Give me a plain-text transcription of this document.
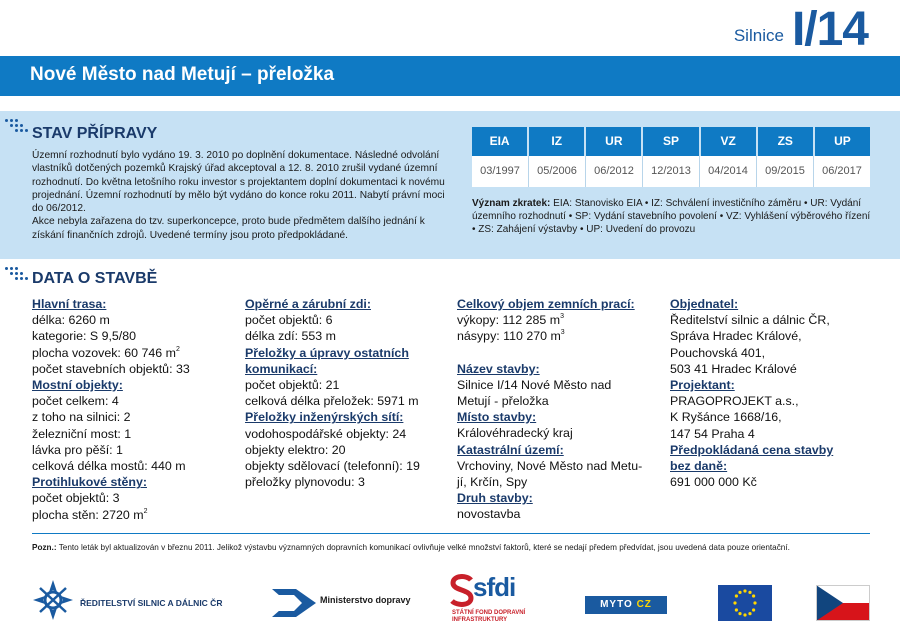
Silnice I/14
Nové Město nad Metují – přeložka
STAV PŘÍPRAVY

Územní rozhodnutí bylo vydáno 19. 3. 2010 po doplnění dokumentace. Následné odvolání vlastníků dotčených pozemků Krajský úřad akceptoval a 12. 8. 2010 zrušil vydané územní rozhodnutí. Do května letošního roku investor s projektantem doplní dokumentaci k novému projednání. Územní rozhodnutí by mělo být vydáno do konce roku 2011. Nabytí právní moci do 06/2012.

Akce nebyla zařazena do tzv. superkoncepce, proto bude předmětem dalšího jednání k získání finančních zdrojů. Uvedené termíny jsou proto předpokládané.

EIA	IZ	UR	SP	VZ	ZS	UP
03/1997	05/2006	06/2012	12/2013	04/2014	09/2015	06/2017
Význam zkratek: EIA: Stanovisko EIA • IZ: Schválení investičního záměru • UR: Vydání územního rozhodnutí • SP: Vydání stavebního povolení • VZ: Vyhlášení výběrového řízení • ZS: Zahájení výstavby • UP: Uvedení do provozu
DATA O STAVBĚ
Hlavní trasa:
délka: 6260 m
kategorie: S 9,5/80
plocha vozovek: 60 746 $m^2$
počet stavebních objektů: 33
Mostní objekty:
počet celkem: 4
z toho na silnici: 2
železniční most: 1
lávka pro pěší: 1
celková délka mostů: 440 m
Protihlukové stěny:
počet objektů: 3
plocha stěn: 2720 $m^2$
Opěrné a zárubní zdi:
počet objektů: 6
délka zdí: 553 m
Přeložky a úpravy ostatních
komunikací:
počet objektů: 21
celková délka přeložek: 5971 m
Přeložky inženýrských sítí:
vodohospodářské objekty: 24
objekty elektro: 20
objekty sdělovací (telefonní): 19
přeložky plynovodu: 3
Celkový objem zemních prací:
výkopy: 112 285 $m^3$
násypy: 110 270 $m^3$
Název stavby:
Silnice I/14 Nové Město nad
Metují - přeložka
Místo stavby:
Královéhradecký kraj
Katastrální území:
Vrchoviny, Nové Město nad Metu-
jí, Krčín, Spy
Druh stavby:
novostavba
Objednatel:
Ředitelství silnic a dálnic ČR,
Správa Hradec Králové,
Pouchovská 401,
503 41 Hradec Králové
Projektant:
PRAGOPROJEKT a.s.,
K Ryšánce 1668/16,
147 54 Praha 4
Předpokládaná cena stavby
bez daně:
691 000 000 Kč
Pozn.: Tento leták byl aktualizován v březnu 2011. Jelikož výstavbu významných dopravních komunikací ovlivňuje velké množství faktorů, které se nedají předem předvídat, jsou uvedená data pouze orientační.
ŘEDITELSTVÍ SILNIC A DÁLNIC ČR	Ministerstvo dopravy sfdi
STÁTNÍ FOND DOPRAVNÍ
INFRASTRUKTURY
MYTO CZ
